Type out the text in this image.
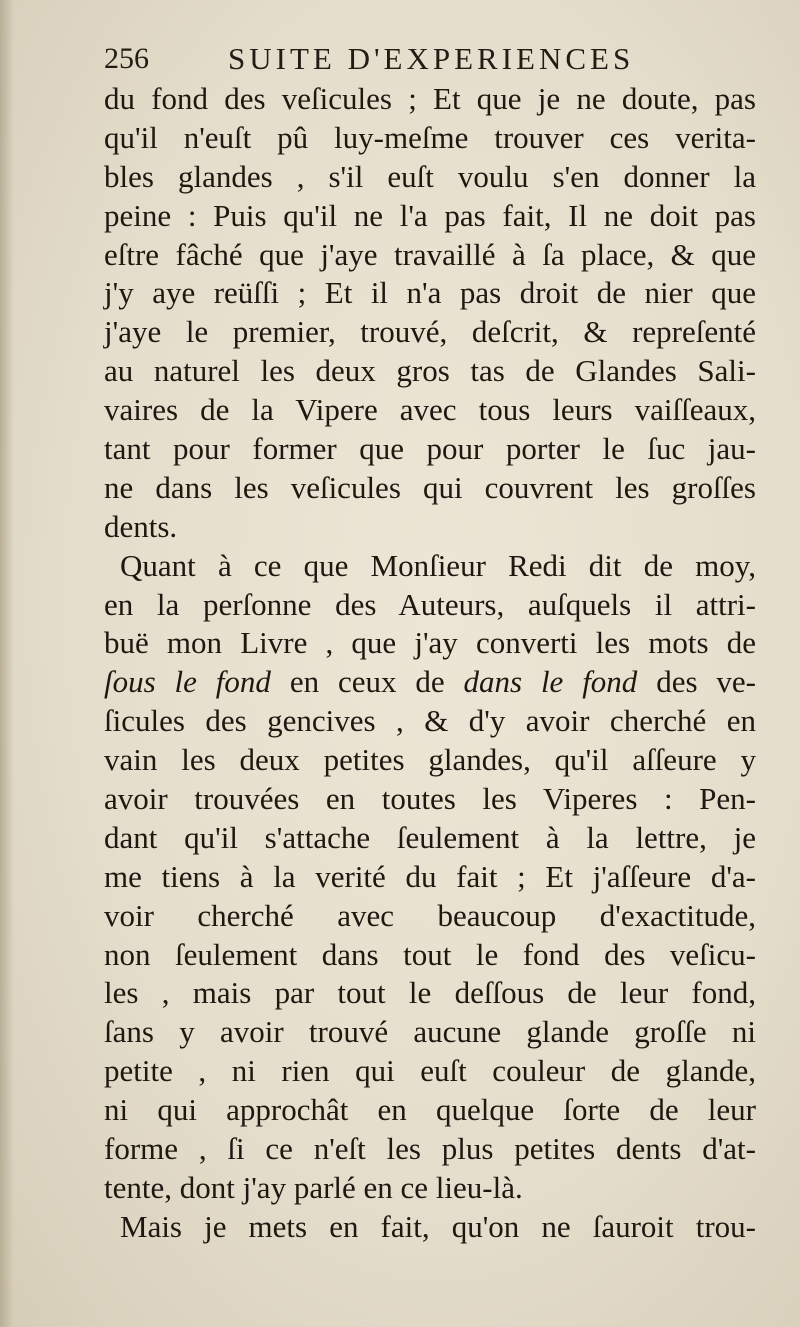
256	SUITE D'EXPERIENCES
du fond des veſicules ; Et que je ne doute, pas
qu'il n'euſt pû luy-meſme trouver ces verita-
bles glandes , s'il euſt voulu s'en donner la
peine : Puis qu'il ne l'a pas fait, Il ne doit pas
eſtre fâché que j'aye travaillé à ſa place, & que
j'y aye reüſſi ; Et il n'a pas droit de nier que
j'aye le premier, trouvé, deſcrit, & repreſenté
au naturel les deux gros tas de Glandes Sali-
vaires de la Vipere avec tous leurs vaiſſeaux,
tant pour former que pour porter le ſuc jau-
ne dans les veſicules qui couvrent les groſſes
dents.
Quant à ce que Monſieur Redi dit de moy,
en la perſonne des Auteurs, auſquels il attri-
buë mon Livre , que j'ay converti les mots de
ſous le fond en ceux de dans le fond des ve-
ſicules des gencives , & d'y avoir cherché en
vain les deux petites glandes, qu'il aſſeure y
avoir trouvées en toutes les Viperes : Pen-
dant qu'il s'attache ſeulement à la lettre, je
me tiens à la verité du fait ; Et j'aſſeure d'a-
voir cherché avec beaucoup d'exactitude,
non ſeulement dans tout le fond des veſicu-
les , mais par tout le deſſous de leur fond,
ſans y avoir trouvé aucune glande groſſe ni
petite , ni rien qui euſt couleur de glande,
ni qui approchât en quelque ſorte de leur
forme , ſi ce n'eſt les plus petites dents d'at-
tente, dont j'ay parlé en ce lieu-là.
Mais je mets en fait, qu'on ne ſauroit trou-
